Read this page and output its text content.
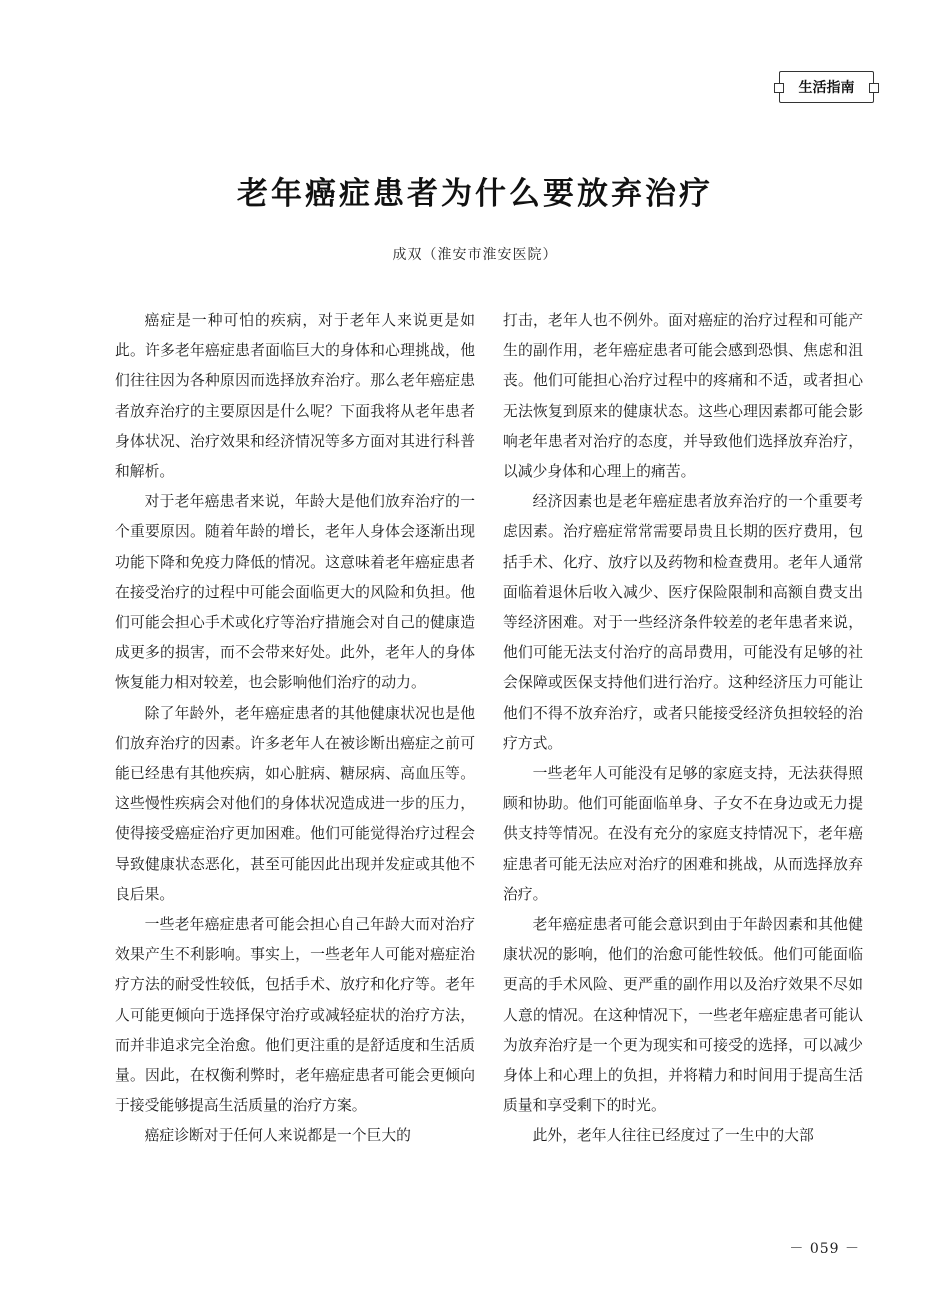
生活指南
老年癌症患者为什么要放弃治疗
成双（淮安市淮安医院）

癌症是一种可怕的疾病，对于老年人来说更是如此。许多老年癌症患者面临巨大的身体和心理挑战，他们往往因为各种原因而选择放弃治疗。那么老年癌症患者放弃治疗的主要原因是什么呢？下面我将从老年患者身体状况、治疗效果和经济情况等多方面对其进行科普和解析。

对于老年癌患者来说，年龄大是他们放弃治疗的一个重要原因。随着年龄的增长，老年人身体会逐渐出现功能下降和免疫力降低的情况。这意味着老年癌症患者在接受治疗的过程中可能会面临更大的风险和负担。他们可能会担心手术或化疗等治疗措施会对自己的健康造成更多的损害，而不会带来好处。此外，老年人的身体恢复能力相对较差，也会影响他们治疗的动力。

除了年龄外，老年癌症患者的其他健康状况也是他们放弃治疗的因素。许多老年人在被诊断出癌症之前可能已经患有其他疾病，如心脏病、糖尿病、高血压等。这些慢性疾病会对他们的身体状况造成进一步的压力，使得接受癌症治疗更加困难。他们可能觉得治疗过程会导致健康状态恶化，甚至可能因此出现并发症或其他不良后果。

一些老年癌症患者可能会担心自己年龄大而对治疗效果产生不利影响。事实上，一些老年人可能对癌症治疗方法的耐受性较低，包括手术、放疗和化疗等。老年人可能更倾向于选择保守治疗或减轻症状的治疗方法，而并非追求完全治愈。他们更注重的是舒适度和生活质量。因此，在权衡利弊时，老年癌症患者可能会更倾向于接受能够提高生活质量的治疗方案。

癌症诊断对于任何人来说都是一个巨大的

打击，老年人也不例外。面对癌症的治疗过程和可能产生的副作用，老年癌症患者可能会感到恐惧、焦虑和沮丧。他们可能担心治疗过程中的疼痛和不适，或者担心无法恢复到原来的健康状态。这些心理因素都可能会影响老年患者对治疗的态度，并导致他们选择放弃治疗，以减少身体和心理上的痛苦。

经济因素也是老年癌症患者放弃治疗的一个重要考虑因素。治疗癌症常常需要昂贵且长期的医疗费用，包括手术、化疗、放疗以及药物和检查费用。老年人通常面临着退休后收入减少、医疗保险限制和高额自费支出等经济困难。对于一些经济条件较差的老年患者来说，他们可能无法支付治疗的高昂费用，可能没有足够的社会保障或医保支持他们进行治疗。这种经济压力可能让他们不得不放弃治疗，或者只能接受经济负担较轻的治疗方式。

一些老年人可能没有足够的家庭支持，无法获得照顾和协助。他们可能面临单身、子女不在身边或无力提供支持等情况。在没有充分的家庭支持情况下，老年癌症患者可能无法应对治疗的困难和挑战，从而选择放弃治疗。

老年癌症患者可能会意识到由于年龄因素和其他健康状况的影响，他们的治愈可能性较低。他们可能面临更高的手术风险、更严重的副作用以及治疗效果不尽如人意的情况。在这种情况下，一些老年癌症患者可能认为放弃治疗是一个更为现实和可接受的选择，可以减少身体上和心理上的负担，并将精力和时间用于提高生活质量和享受剩下的时光。

此外，老年人往往已经度过了一生中的大部

－ 059 －
